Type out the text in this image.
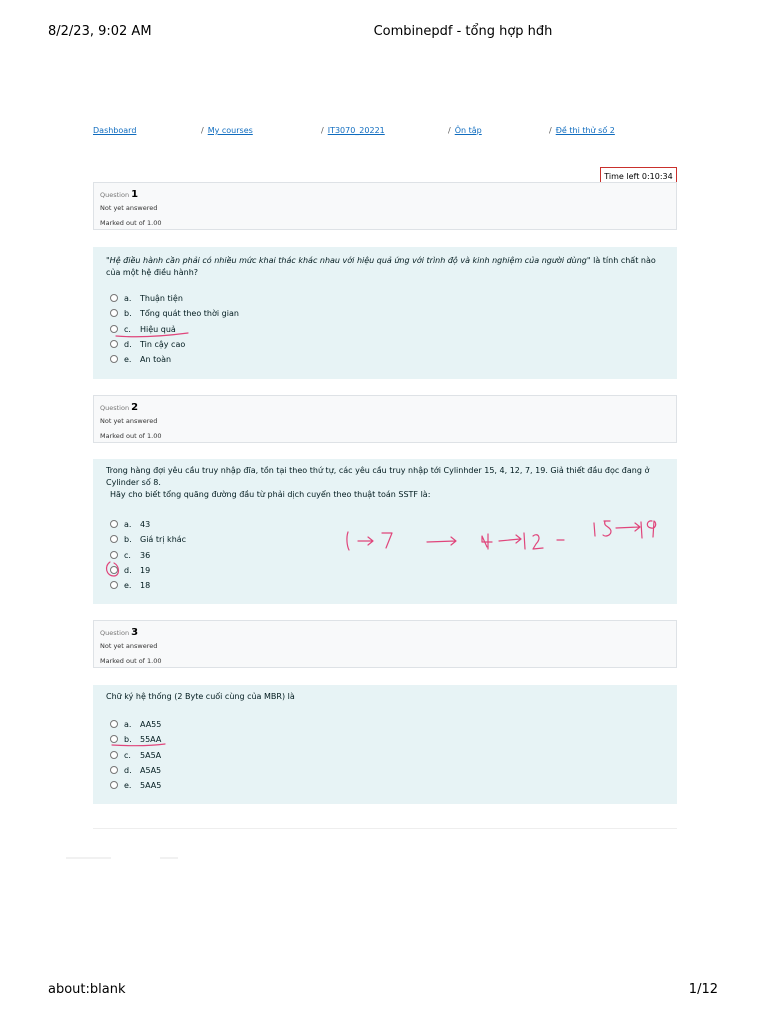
8/2/23, 9:02 AM	Combinepdf - tổng hợp hđh
Dashboard	/ My courses	/ IT3070_20221	/ Ôn tập	/ Đề thi thử số 2
Time left 0:10:34
Question 1
Not yet answered
Marked out of 1.00
"Hệ điều hành cần phải có nhiều mức khai thác khác nhau với hiệu quả ứng với trình độ và kinh nghiệm của người dùng" là tính chất nào của một hệ điều hành?
a. Thuận tiện
b. Tổng quát theo thời gian
c. Hiệu quả
d. Tin cậy cao
e. An toàn
Question 2
Not yet answered
Marked out of 1.00
Trong hàng đợi yêu cầu truy nhập đĩa, tồn tại theo thứ tự, các yêu cầu truy nhập tới Cylinhder 15, 4, 12, 7, 19. Giả thiết đầu đọc đang ở Cylinder số 8.
Hãy cho biết tổng quãng đường đầu từ phải dịch cuyển theo thuật toán SSTF là:
a. 43
b. Giá trị khác
c. 36
d. 19
e. 18
Question 3
Not yet answered
Marked out of 1.00
Chữ ký hệ thống (2 Byte cuối cùng của MBR) là
a. AA55
b. 55AA
c. 5A5A
d. A5A5
e. 5AA5
about:blank	1/12
